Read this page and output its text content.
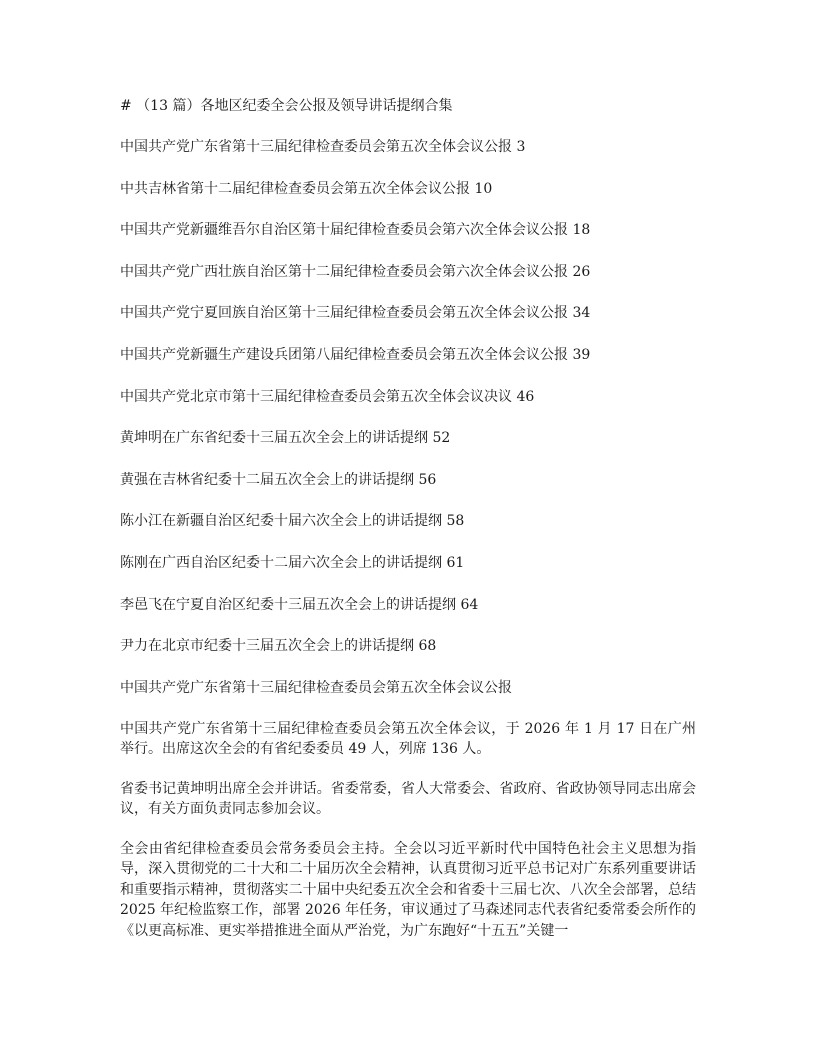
# （13 篇）各地区纪委全会公报及领导讲话提纲合集

中国共产党广东省第十三届纪律检查委员会第五次全体会议公报 3
中共吉林省第十二届纪律检查委员会第五次全体会议公报 10
中国共产党新疆维吾尔自治区第十届纪律检查委员会第六次全体会议公报 18
中国共产党广西壮族自治区第十二届纪律检查委员会第六次全体会议公报 26
中国共产党宁夏回族自治区第十三届纪律检查委员会第五次全体会议公报 34
中国共产党新疆生产建设兵团第八届纪律检查委员会第五次全体会议公报 39
中国共产党北京市第十三届纪律检查委员会第五次全体会议决议 46
黄坤明在广东省纪委十三届五次全会上的讲话提纲 52
黄强在吉林省纪委十二届五次全会上的讲话提纲 56
陈小江在新疆自治区纪委十届六次全会上的讲话提纲 58
陈刚在广西自治区纪委十二届六次全会上的讲话提纲 61
李邑飞在宁夏自治区纪委十三届五次全会上的讲话提纲 64
尹力在北京市纪委十三届五次全会上的讲话提纲 68

中国共产党广东省第十三届纪律检查委员会第五次全体会议公报

中国共产党广东省第十三届纪律检查委员会第五次全体会议，于 2026 年 1 月 17 日在广州举行。出席这次全会的有省纪委委员 49 人，列席 136 人。

省委书记黄坤明出席全会并讲话。省委常委，省人大常委会、省政府、省政协领导同志出席会议，有关方面负责同志参加会议。

全会由省纪律检查委员会常务委员会主持。全会以习近平新时代中国特色社会主义思想为指导，深入贯彻党的二十大和二十届历次全会精神，认真贯彻习近平总书记对广东系列重要讲话和重要指示精神，贯彻落实二十届中央纪委五次全会和省委十三届七次、八次全会部署，总结 2025 年纪检监察工作，部署 2026 年任务，审议通过了马森述同志代表省纪委常委会所作的《以更高标准、更实举措推进全面从严治党，为广东跑好“十五五”关键一
